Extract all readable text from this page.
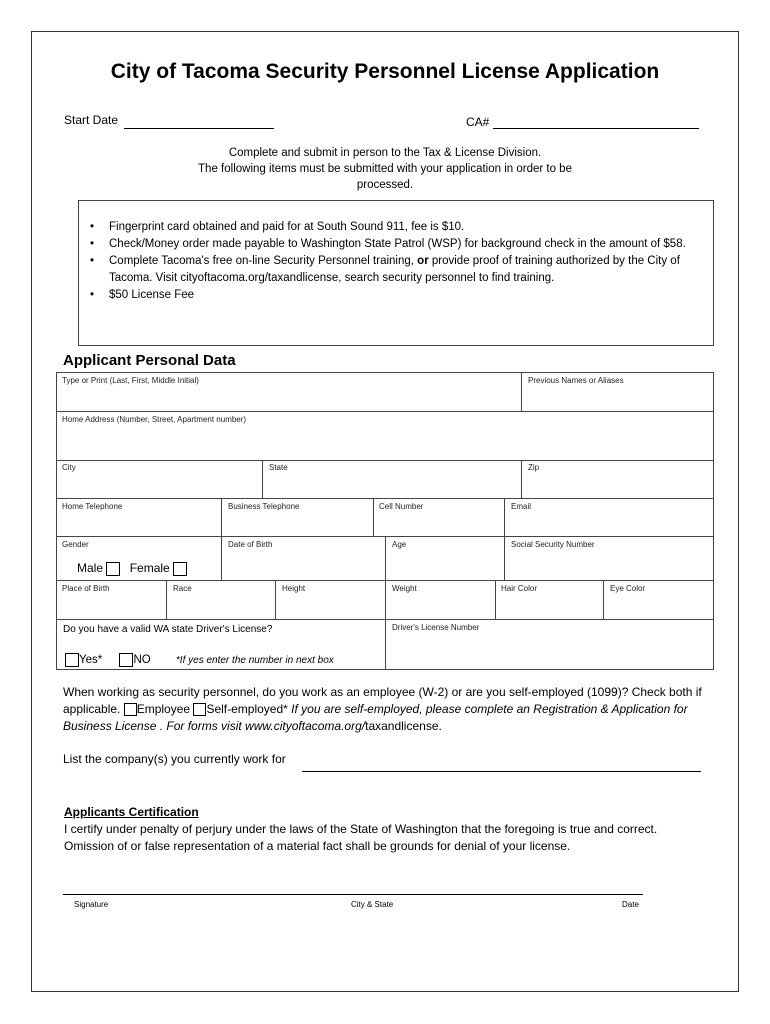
City of Tacoma Security Personnel License Application
Start Date	CA#
Complete and submit in person to the Tax & License Division.
The following items must be submitted with your application in order to be
processed.
• Fingerprint card obtained and paid for at South Sound 911, fee is $10.
• Check/Money order made payable to Washington State Patrol (WSP) for background check in the amount of $58.
• Complete Tacoma's free on-line Security Personnel training, or provide proof of training authorized by the City of Tacoma. Visit cityoftacoma.org/taxandlicense, search security personnel to find training.
• $50 License Fee
Applicant Personal Data
Type or Print (Last, First, Middle Initial)	Previous Names or Aliases
Home Address (Number, Street, Apartment number)
City	State	Zip
Home Telephone	Business Telephone	Cell Number	Email
Gender	Date of Birth	Age	Social Security Number
Male Female
Place of Birth	Race	Height	Weight	Hair Color	Eye Color
Do you have a valid WA state Driver's License?	Driver's License Number
Yes*	NO	*If yes enter the number in next box
When working as security personnel, do you work as an employee (W-2) or are you self-employed (1099)? Check both if applicable. Employee Self-employed* If you are self-employed, please complete an Registration & Application for Business License . For forms visit www.cityoftacoma.org/taxandlicense.
List the company(s) you currently work for
Applicants Certification
I certify under penalty of perjury under the laws of the State of Washington that the foregoing is true and correct. Omission of or false representation of a material fact shall be grounds for denial of your license.
Signature	City & State	Date
